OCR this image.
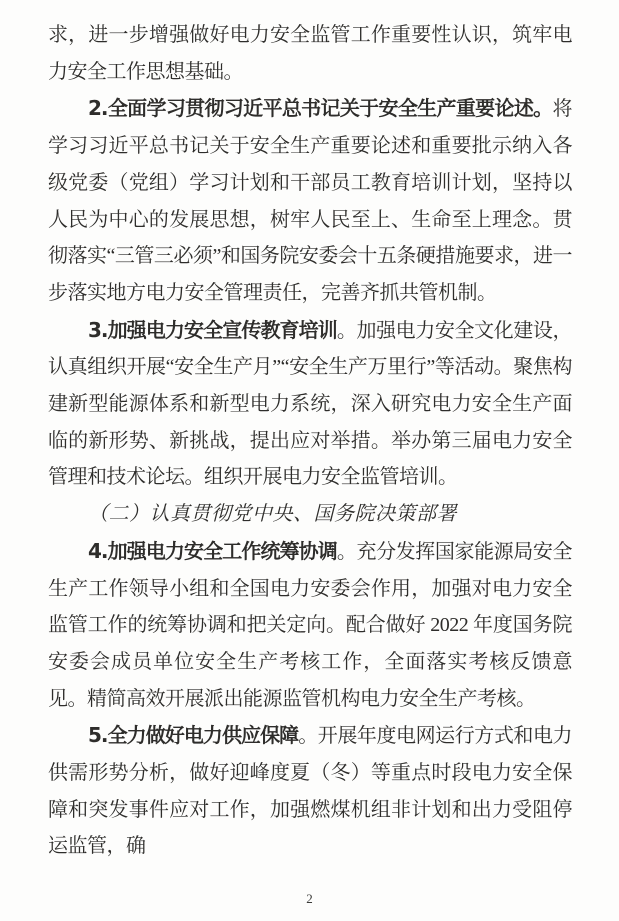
求，进一步增强做好电力安全监管工作重要性认识，筑牢电力安全工作思想基础。

2.全面学习贯彻习近平总书记关于安全生产重要论述。将学习习近平总书记关于安全生产重要论述和重要批示纳入各级党委（党组）学习计划和干部员工教育培训计划，坚持以人民为中心的发展思想，树牢人民至上、生命至上理念。贯彻落实“三管三必须”和国务院安委会十五条硬措施要求，进一步落实地方电力安全管理责任，完善齐抓共管机制。

3.加强电力安全宣传教育培训。加强电力安全文化建设，认真组织开展“安全生产月”“安全生产万里行”等活动。聚焦构建新型能源体系和新型电力系统，深入研究电力安全生产面临的新形势、新挑战，提出应对举措。举办第三届电力安全管理和技术论坛。组织开展电力安全监管培训。

（二）认真贯彻党中央、国务院决策部署

4.加强电力安全工作统筹协调。充分发挥国家能源局安全生产工作领导小组和全国电力安委会作用，加强对电力安全监管工作的统筹协调和把关定向。配合做好 2022 年度国务院安委会成员单位安全生产考核工作，全面落实考核反馈意见。精简高效开展派出能源监管机构电力安全生产考核。

5.全力做好电力供应保障。开展年度电网运行方式和电力供需形势分析，做好迎峰度夏（冬）等重点时段电力安全保障和突发事件应对工作，加强燃煤机组非计划和出力受阻停运监管，确

2
